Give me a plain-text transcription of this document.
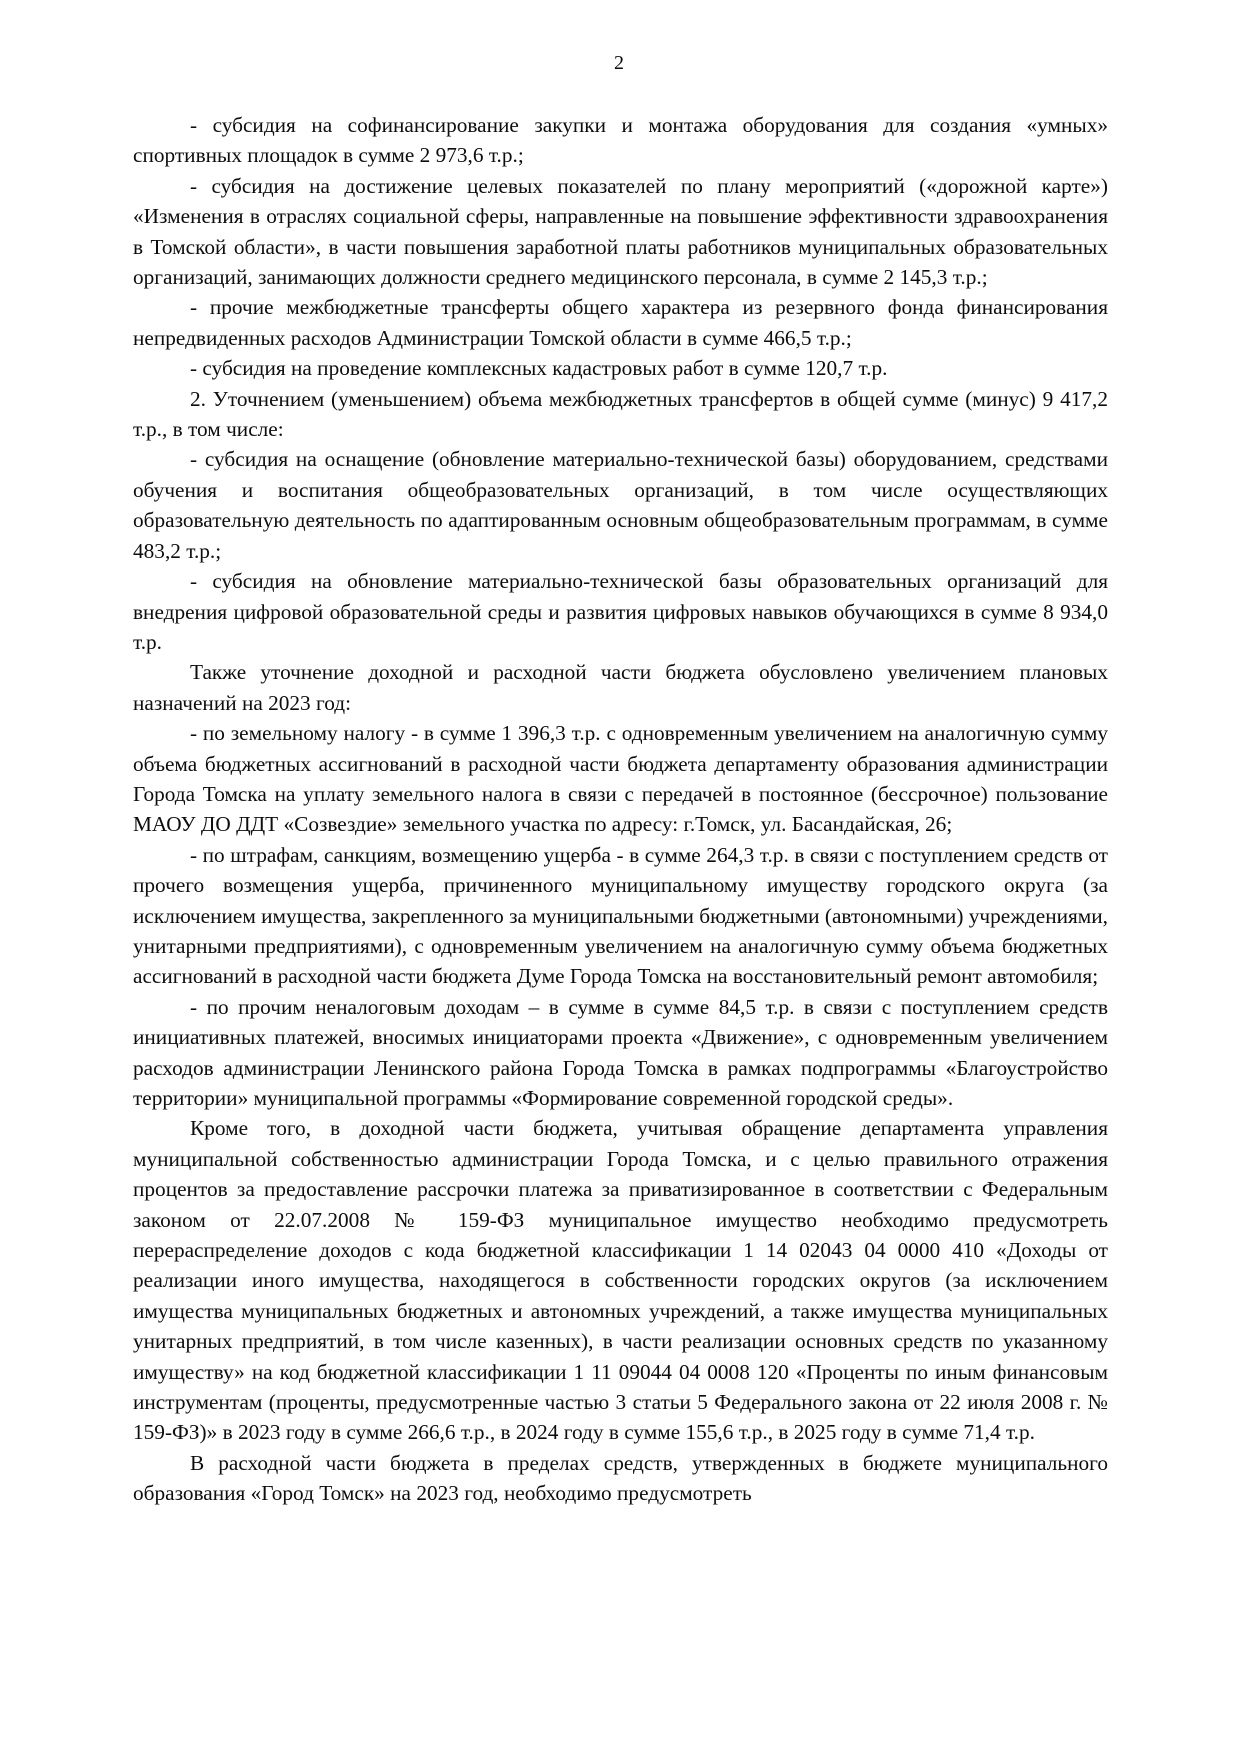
2

- субсидия на софинансирование закупки и монтажа оборудования для создания «умных» спортивных площадок в сумме 2 973,6 т.р.;

- субсидия на достижение целевых показателей по плану мероприятий («дорожной карте») «Изменения в отраслях социальной сферы, направленные на повышение эффективности здравоохранения в Томской области», в части повышения заработной платы работников муниципальных образовательных организаций, занимающих должности среднего медицинского персонала, в сумме 2 145,3 т.р.;

- прочие межбюджетные трансферты общего характера из резервного фонда финансирования непредвиденных расходов Администрации Томской области в сумме 466,5 т.р.;

- субсидия на проведение комплексных кадастровых работ в сумме 120,7 т.р.

2. Уточнением (уменьшением) объема межбюджетных трансфертов в общей сумме (минус) 9 417,2 т.р., в том числе:

- субсидия на оснащение (обновление материально-технической базы) оборудованием, средствами обучения и воспитания общеобразовательных организаций, в том числе осуществляющих образовательную деятельность по адаптированным основным общеобразовательным программам, в сумме 483,2 т.р.;

- субсидия на обновление материально-технической базы образовательных организаций для внедрения цифровой образовательной среды и развития цифровых навыков обучающихся в сумме 8 934,0 т.р.

Также уточнение доходной и расходной части бюджета обусловлено увеличением плановых назначений на 2023 год:

- по земельному налогу - в сумме 1 396,3 т.р. с одновременным увеличением на аналогичную сумму объема бюджетных ассигнований в расходной части бюджета департаменту образования администрации Города Томска на уплату земельного налога в связи с передачей в постоянное (бессрочное) пользование МАОУ ДО ДДТ «Созвездие» земельного участка по адресу: г.Томск, ул. Басандайская, 26;

- по штрафам, санкциям, возмещению ущерба - в сумме 264,3 т.р. в связи с поступлением средств от прочего возмещения ущерба, причиненного муниципальному имуществу городского округа (за исключением имущества, закрепленного за муниципальными бюджетными (автономными) учреждениями, унитарными предприятиями), с одновременным увеличением на аналогичную сумму объема бюджетных ассигнований в расходной части бюджета Думе Города Томска на восстановительный ремонт автомобиля;

- по прочим неналоговым доходам – в сумме в сумме 84,5 т.р. в связи с поступлением средств инициативных платежей, вносимых инициаторами проекта «Движение», с одновременным увеличением расходов администрации Ленинского района Города Томска в рамках подпрограммы «Благоустройство территории» муниципальной программы «Формирование современной городской среды».

Кроме того, в доходной части бюджета, учитывая обращение департамента управления муниципальной собственностью администрации Города Томска, и с целью правильного отражения процентов за предоставление рассрочки платежа за приватизированное в соответствии с Федеральным законом от 22.07.2008 № 159-ФЗ муниципальное имущество необходимо предусмотреть перераспределение доходов с кода бюджетной классификации 1 14 02043 04 0000 410 «Доходы от реализации иного имущества, находящегося в собственности городских округов (за исключением имущества муниципальных бюджетных и автономных учреждений, а также имущества муниципальных унитарных предприятий, в том числе казенных), в части реализации основных средств по указанному имуществу» на код бюджетной классификации 1 11 09044 04 0008 120 «Проценты по иным финансовым инструментам (проценты, предусмотренные частью 3 статьи 5 Федерального закона от 22 июля 2008 г. № 159-ФЗ)» в 2023 году в сумме 266,6 т.р., в 2024 году в сумме 155,6 т.р., в 2025 году в сумме 71,4 т.р.

В расходной части бюджета в пределах средств, утвержденных в бюджете муниципального образования «Город Томск» на 2023 год, необходимо предусмотреть
